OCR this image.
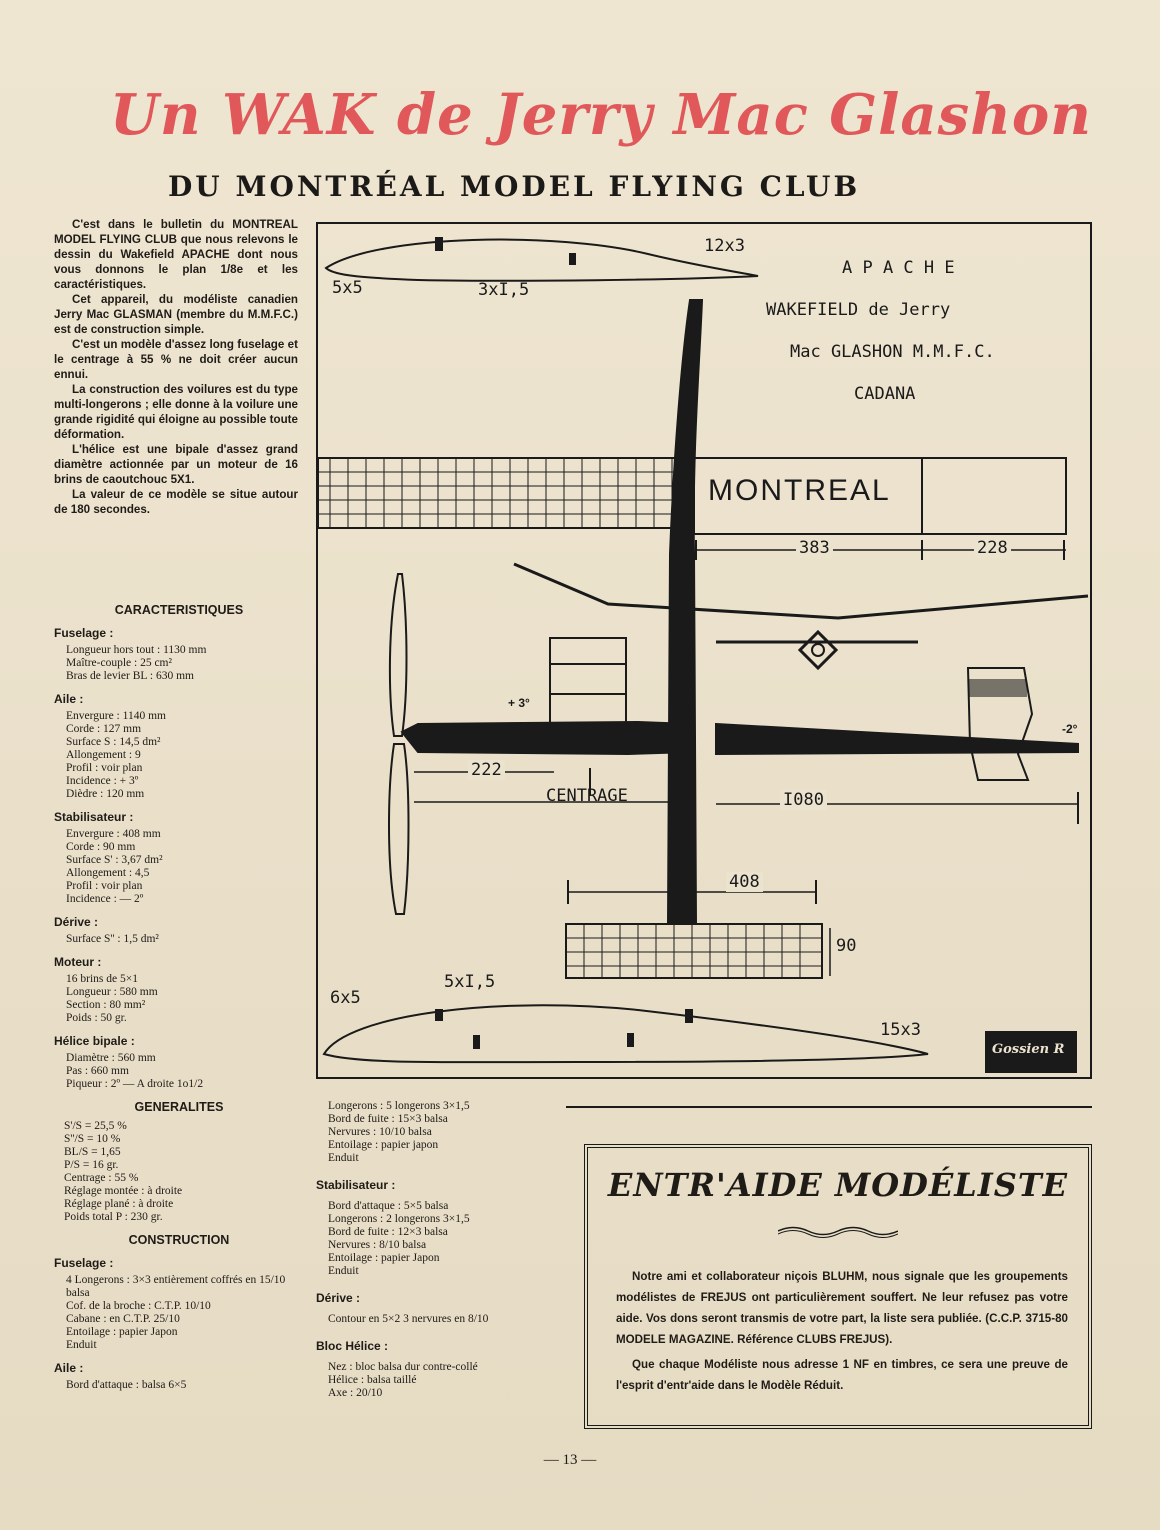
Un WAK de Jerry Mac Glashon
DU MONTRÉAL MODEL FLYING CLUB

C'est dans le bulletin du MONTREAL MODEL FLYING CLUB que nous relevons le dessin du Wakefield APACHE dont nous vous donnons le plan 1/8e et les caractéristiques.

Cet appareil, du modéliste canadien Jerry Mac GLASMAN (membre du M.M.F.C.) est de construction simple.

C'est un modèle d'assez long fuselage et le centrage à 55 % ne doit créer aucun ennui.

La construction des voilures est du type multi-longerons ; elle donne à la voilure une grande rigidité qui éloigne au possible toute déformation.

L'hélice est une bipale d'assez grand diamètre actionnée par un moteur de 16 brins de caoutchouc 5X1.

La valeur de ce modèle se situe autour de 180 secondes.

CARACTERISTIQUES
Fuselage :
Longueur hors tout : 1130 mm
Maître-couple : 25 cm²
Bras de levier BL : 630 mm
Aile :
Envergure : 1140 mm
Corde : 127 mm
Surface S : 14,5 dm²
Allongement : 9
Profil : voir plan
Incidence : + 3º
Dièdre : 120 mm
Stabilisateur :
Envergure : 408 mm
Corde : 90 mm
Surface S' : 3,67 dm²
Allongement : 4,5
Profil : voir plan
Incidence : — 2º
Dérive :
Surface S'' : 1,5 dm²
Moteur :
16 brins de 5×1
Longueur : 580 mm
Section : 80 mm²
Poids : 50 gr.
Hélice bipale :
Diamètre : 560 mm
Pas : 660 mm
Piqueur : 2º — A droite 1o1/2
GENERALITES
S'/S = 25,5 %
S''/S = 10 %
BL/S = 1,65
P/S = 16 gr.
Centrage : 55 %
Réglage montée : à droite
Réglage plané : à droite
Poids total P : 230 gr.
CONSTRUCTION
Fuselage :
4 Longerons : 3×3 entièrement coffrés en 15/10 balsa
Cof. de la broche : C.T.P. 10/10
Cabane : en C.T.P. 25/10
Entoilage : papier Japon
Enduit
Aile :
Bord d'attaque : balsa 6×5
Longerons : 5 longerons 3×1,5
Bord de fuite : 15×3 balsa
Nervures : 10/10 balsa
Entoilage : papier japon
Enduit
Stabilisateur :
Bord d'attaque : 5×5 balsa
Longerons : 2 longerons 3×1,5
Bord de fuite : 12×3 balsa
Nervures : 8/10 balsa
Entoilage : papier Japon
Enduit
Dérive :
Contour en 5×2 3 nervures en 8/10
Bloc Hélice :
Nez : bloc balsa dur contre-collé
Hélice : balsa taillé
Axe : 20/10
12x3
5x5	3xI,5
A P A C H E
WAKEFIELD de Jerry
Mac GLASHON M.M.F.C.
CADANA
MONTREAL
383	228
+ 3°
-2°
222
CENTRAGE	I080
408
90
6x5
5xI,5
15x3
Gossien R
ENTR'AIDE MODÉLISTE

Notre ami et collaborateur niçois BLUHM, nous signale que les groupements modélistes de FREJUS ont particulièrement souffert. Ne leur refusez pas votre aide. Vos dons seront transmis de votre part, la liste sera publiée. (C.C.P. 3715-80 MODELE MAGAZINE. Référence CLUBS FREJUS).

Que chaque Modéliste nous adresse 1 NF en timbres, ce sera une preuve de l'esprit d'entr'aide dans le Modèle Réduit.

— 13 —
